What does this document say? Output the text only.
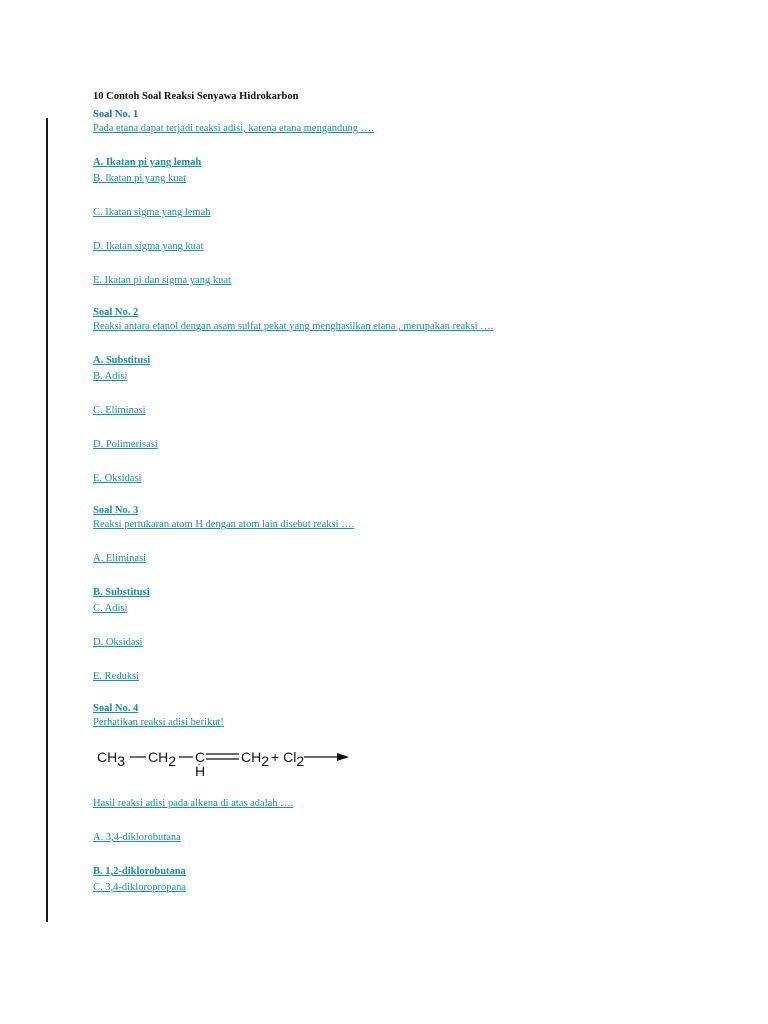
10 Contoh Soal Reaksi Senyawa Hidrokarbon

Soal No. 1
Pada etana dapat terjadi reaksi adisi, karena etana mengandung ….
A. Ikatan pi yang lemah
B. Ikatan pi yang kuat
C. Ikatan sigma yang lemah
D. Ikatan sigma yang kuat
E. Ikatan pi dan sigma yang kuat
Soal No. 2
Reaksi antara etanol dengan asam sulfat pekat yang menghasilkan etana , merupakan reaksi ….
A. Substitusi
B. Adisi
C. Eliminasi
D. Polimerisasi
E. Oksidasi
Soal No. 3
Reaksi pertukaran atom H dengan atom lain disebut reaksi ….
A. Eliminasi
B. Substitusi
C. Adisi
D. Oksidasi
E. Reduksi
Soal No. 4
Perhatikan reaksi adisi berikut!
CH3 CH2 C
H
CH2 + Cl2
Hasil reaksi adisi pada alkena di atas adalah ….
A. 3,4-diklorobutana
B. 1,2-diklorobutana
C. 3,4-dikloropropana
